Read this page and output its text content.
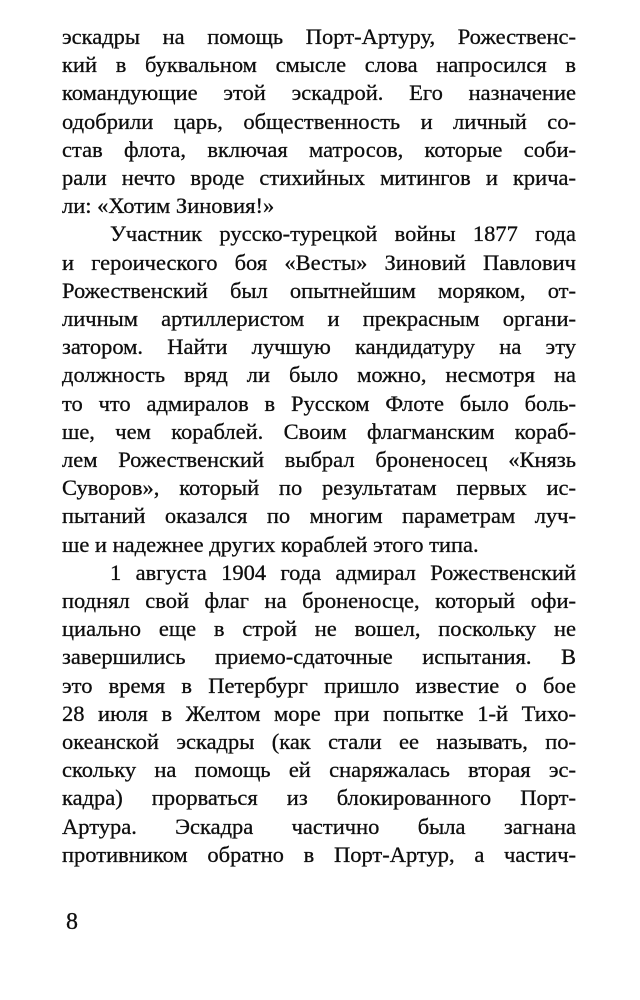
эскадры на помощь Порт-Артуру, Рожественс-
кий в буквальном смысле слова напросился в
командующие этой эскадрой. Его назначение
одобрили царь, общественность и личный со-
став флота, включая матросов, которые соби-
рали нечто вроде стихийных митингов и крича-
ли: «Хотим Зиновия!»
Участник русско-турецкой войны 1877 года
и героического боя «Весты» Зиновий Павлович
Рожественский был опытнейшим моряком, от-
личным артиллеристом и прекрасным органи-
затором. Найти лучшую кандидатуру на эту
должность вряд ли было можно, несмотря на
то что адмиралов в Русском Флоте было боль-
ше, чем кораблей. Своим флагманским кораб-
лем Рожественский выбрал броненосец «Князь
Суворов», который по результатам первых ис-
пытаний оказался по многим параметрам луч-
ше и надежнее других кораблей этого типа.
1 августа 1904 года адмирал Рожественский
поднял свой флаг на броненосце, который офи-
циально еще в строй не вошел, поскольку не
завершились приемо-сдаточные испытания. В
это время в Петербург пришло известие о бое
28 июля в Желтом море при попытке 1-й Тихо-
океанской эскадры (как стали ее называть, по-
скольку на помощь ей снаряжалась вторая эс-
кадра) прорваться из блокированного Порт-
Артура. Эскадра частично была загнана
противником обратно в Порт-Артур, а частич-
8
